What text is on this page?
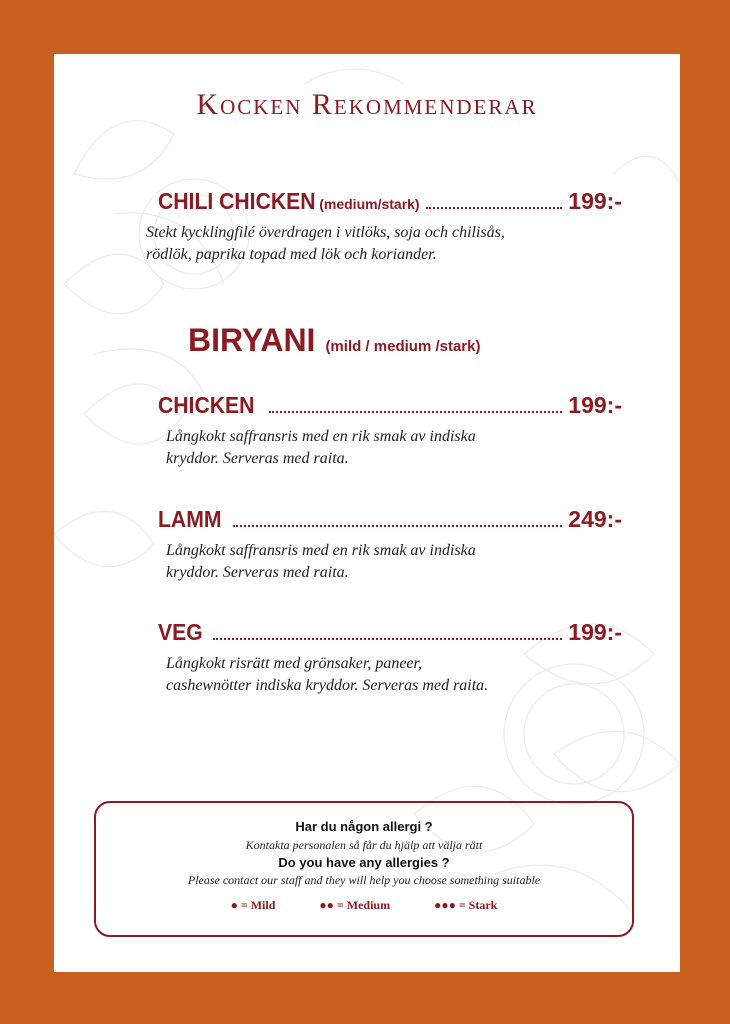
Kocken Rekommenderar
CHILI CHICKEN (medium/stark)	199:-
Stekt kycklingfilé överdragen i vitlöks, soja och chilisås,
rödlök, paprika topad med lök och koriander.
BIRYANI (mild / medium /stark)
CHICKEN	199:-
Långkokt saffransris med en rik smak av indiska
kryddor. Serveras med raita.
LAMM	249:-
Långkokt saffransris med en rik smak av indiska
kryddor. Serveras med raita.
VEG	199:-
Långkokt risrätt med grönsaker, paneer,
cashewnötter indiska kryddor. Serveras med raita.
Har du någon allergi ?
Kontakta personalen så får du hjälp att välja rätt
Do you have any allergies ?
Please contact our staff and they will help you choose something suitable
● = Mild	●● = Medium	●●● = Stark
